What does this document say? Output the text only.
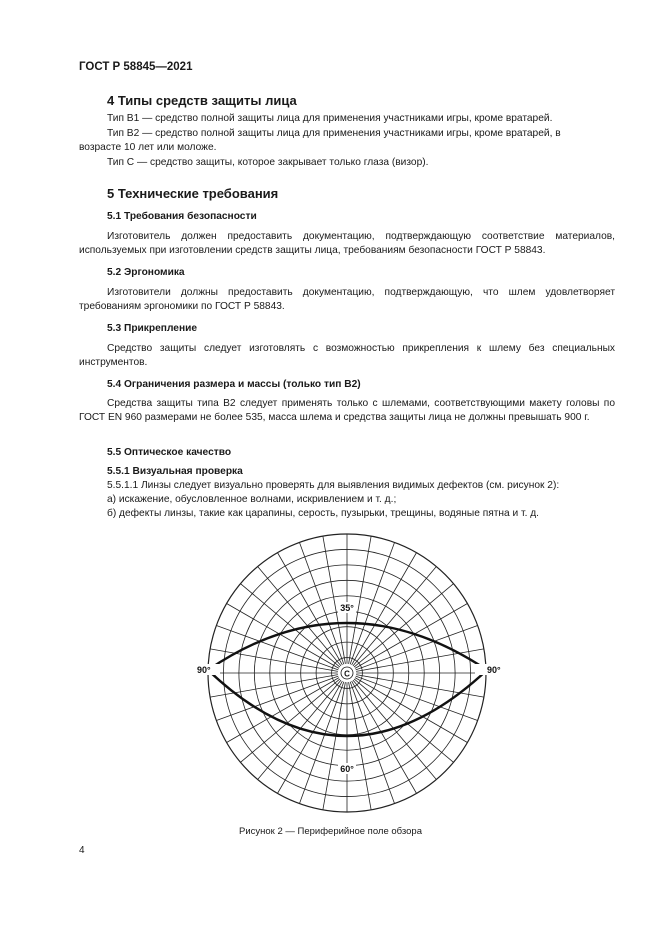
ГОСТ Р 58845—2021
4 Типы средств защиты лица
Тип B1 — средство полной защиты лица для применения участниками игры, кроме вратарей.
Тип B2 — средство полной защиты лица для применения участниками игры, кроме вратарей, в
возрасте 10 лет или моложе.
Тип C — средство защиты, которое закрывает только глаза (визор).
5 Технические требования
5.1 Требования безопасности

Изготовитель должен предоставить документацию, подтверждающую соответствие материалов, используемых при изготовлении средств защиты лица, требованиям безопасности ГОСТ Р 58843.

5.2 Эргономика

Изготовители должны предоставить документацию, подтверждающую, что шлем удовлетворяет требованиям эргономики по ГОСТ Р 58843.

5.3 Прикрепление

Средство защиты следует изготовлять с возможностью прикрепления к шлему без специальных инструментов.

5.4 Ограничения размера и массы (только тип B2)

Средства защиты типа B2 следует применять только с шлемами, соответствующими макету головы по ГОСТ EN 960 размерами не более 535, масса шлема и средства защиты лица не должны превышать 900 г.

5.5 Оптическое качество
5.5.1 Визуальная проверка
5.5.1.1 Линзы следует визуально проверять для выявления видимых дефектов (см. рисунок 2):
а) искажение, обусловленное волнами, искривлением и т. д.;
б) дефекты линзы, такие как царапины, серость, пузырьки, трещины, водяные пятна и т. д.
35°
60°
90°	90°
C
Рисунок 2 — Периферийное поле обзора
4
